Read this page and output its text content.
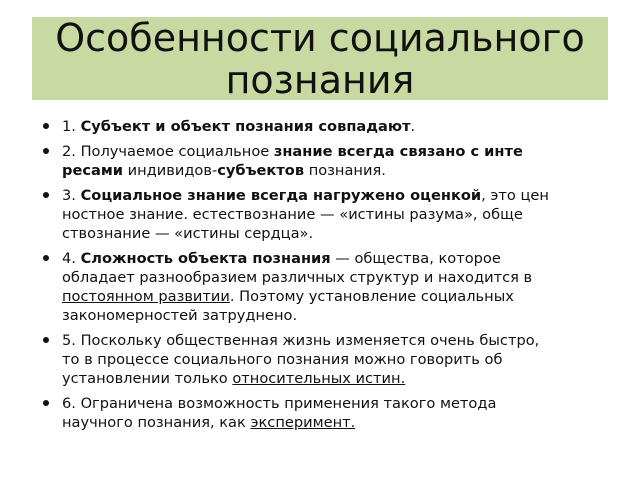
Особенности социального
познания
1. Субъект и объект познания совпадают.
2. Получаемое социальное знание всегда связано с инте
ресами индивидов-субъектов познания.
3. Социальное знание всегда нагружено оценкой, это цен
ностное знание. естествознание — «истины разума», обще
ствознание — «истины сердца».
4. Сложность объекта познания — общества, которое
обладает разнообразием различных структур и находится в
постоянном развитии. Поэтому установление социальных
закономерностей затруднено.
5. Поскольку общественная жизнь изменяется очень быстро,
то в процессе социального познания можно говорить об
установлении только относительных истин.
6. Ограничена возможность применения такого метода
научного познания, как эксперимент.
